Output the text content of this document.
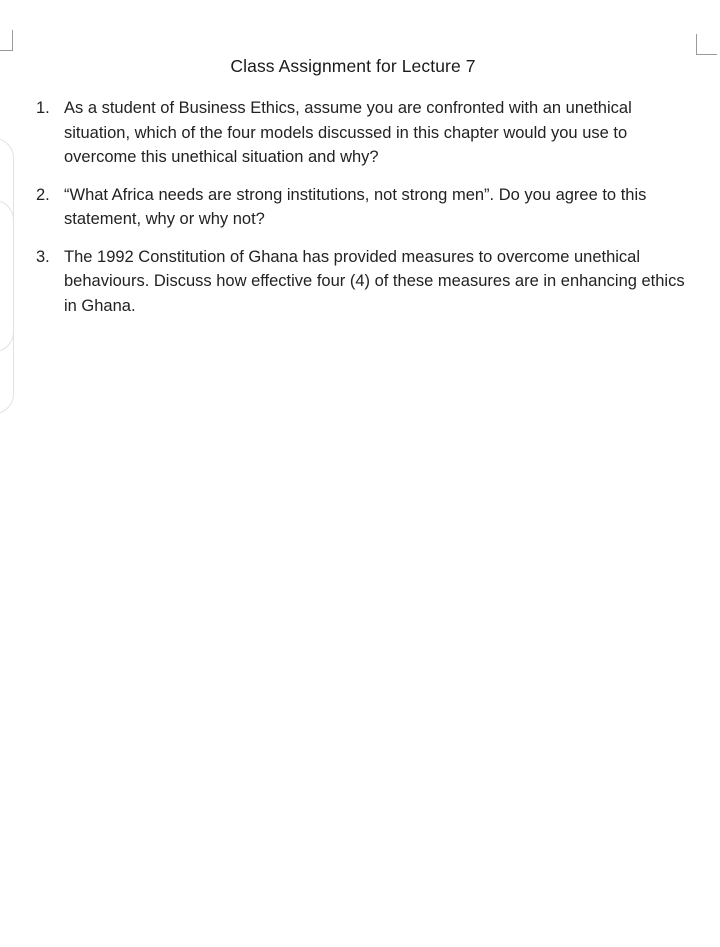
Class Assignment for Lecture 7
1. As a student of Business Ethics, assume you are confronted with an unethical situation, which of the four models discussed in this chapter would you use to overcome this unethical situation and why?
2. “What Africa needs are strong institutions, not strong men”. Do you agree to this statement, why or why not?
3. The 1992 Constitution of Ghana has provided measures to overcome unethical behaviours. Discuss how effective four (4) of these measures are in enhancing ethics in Ghana.
